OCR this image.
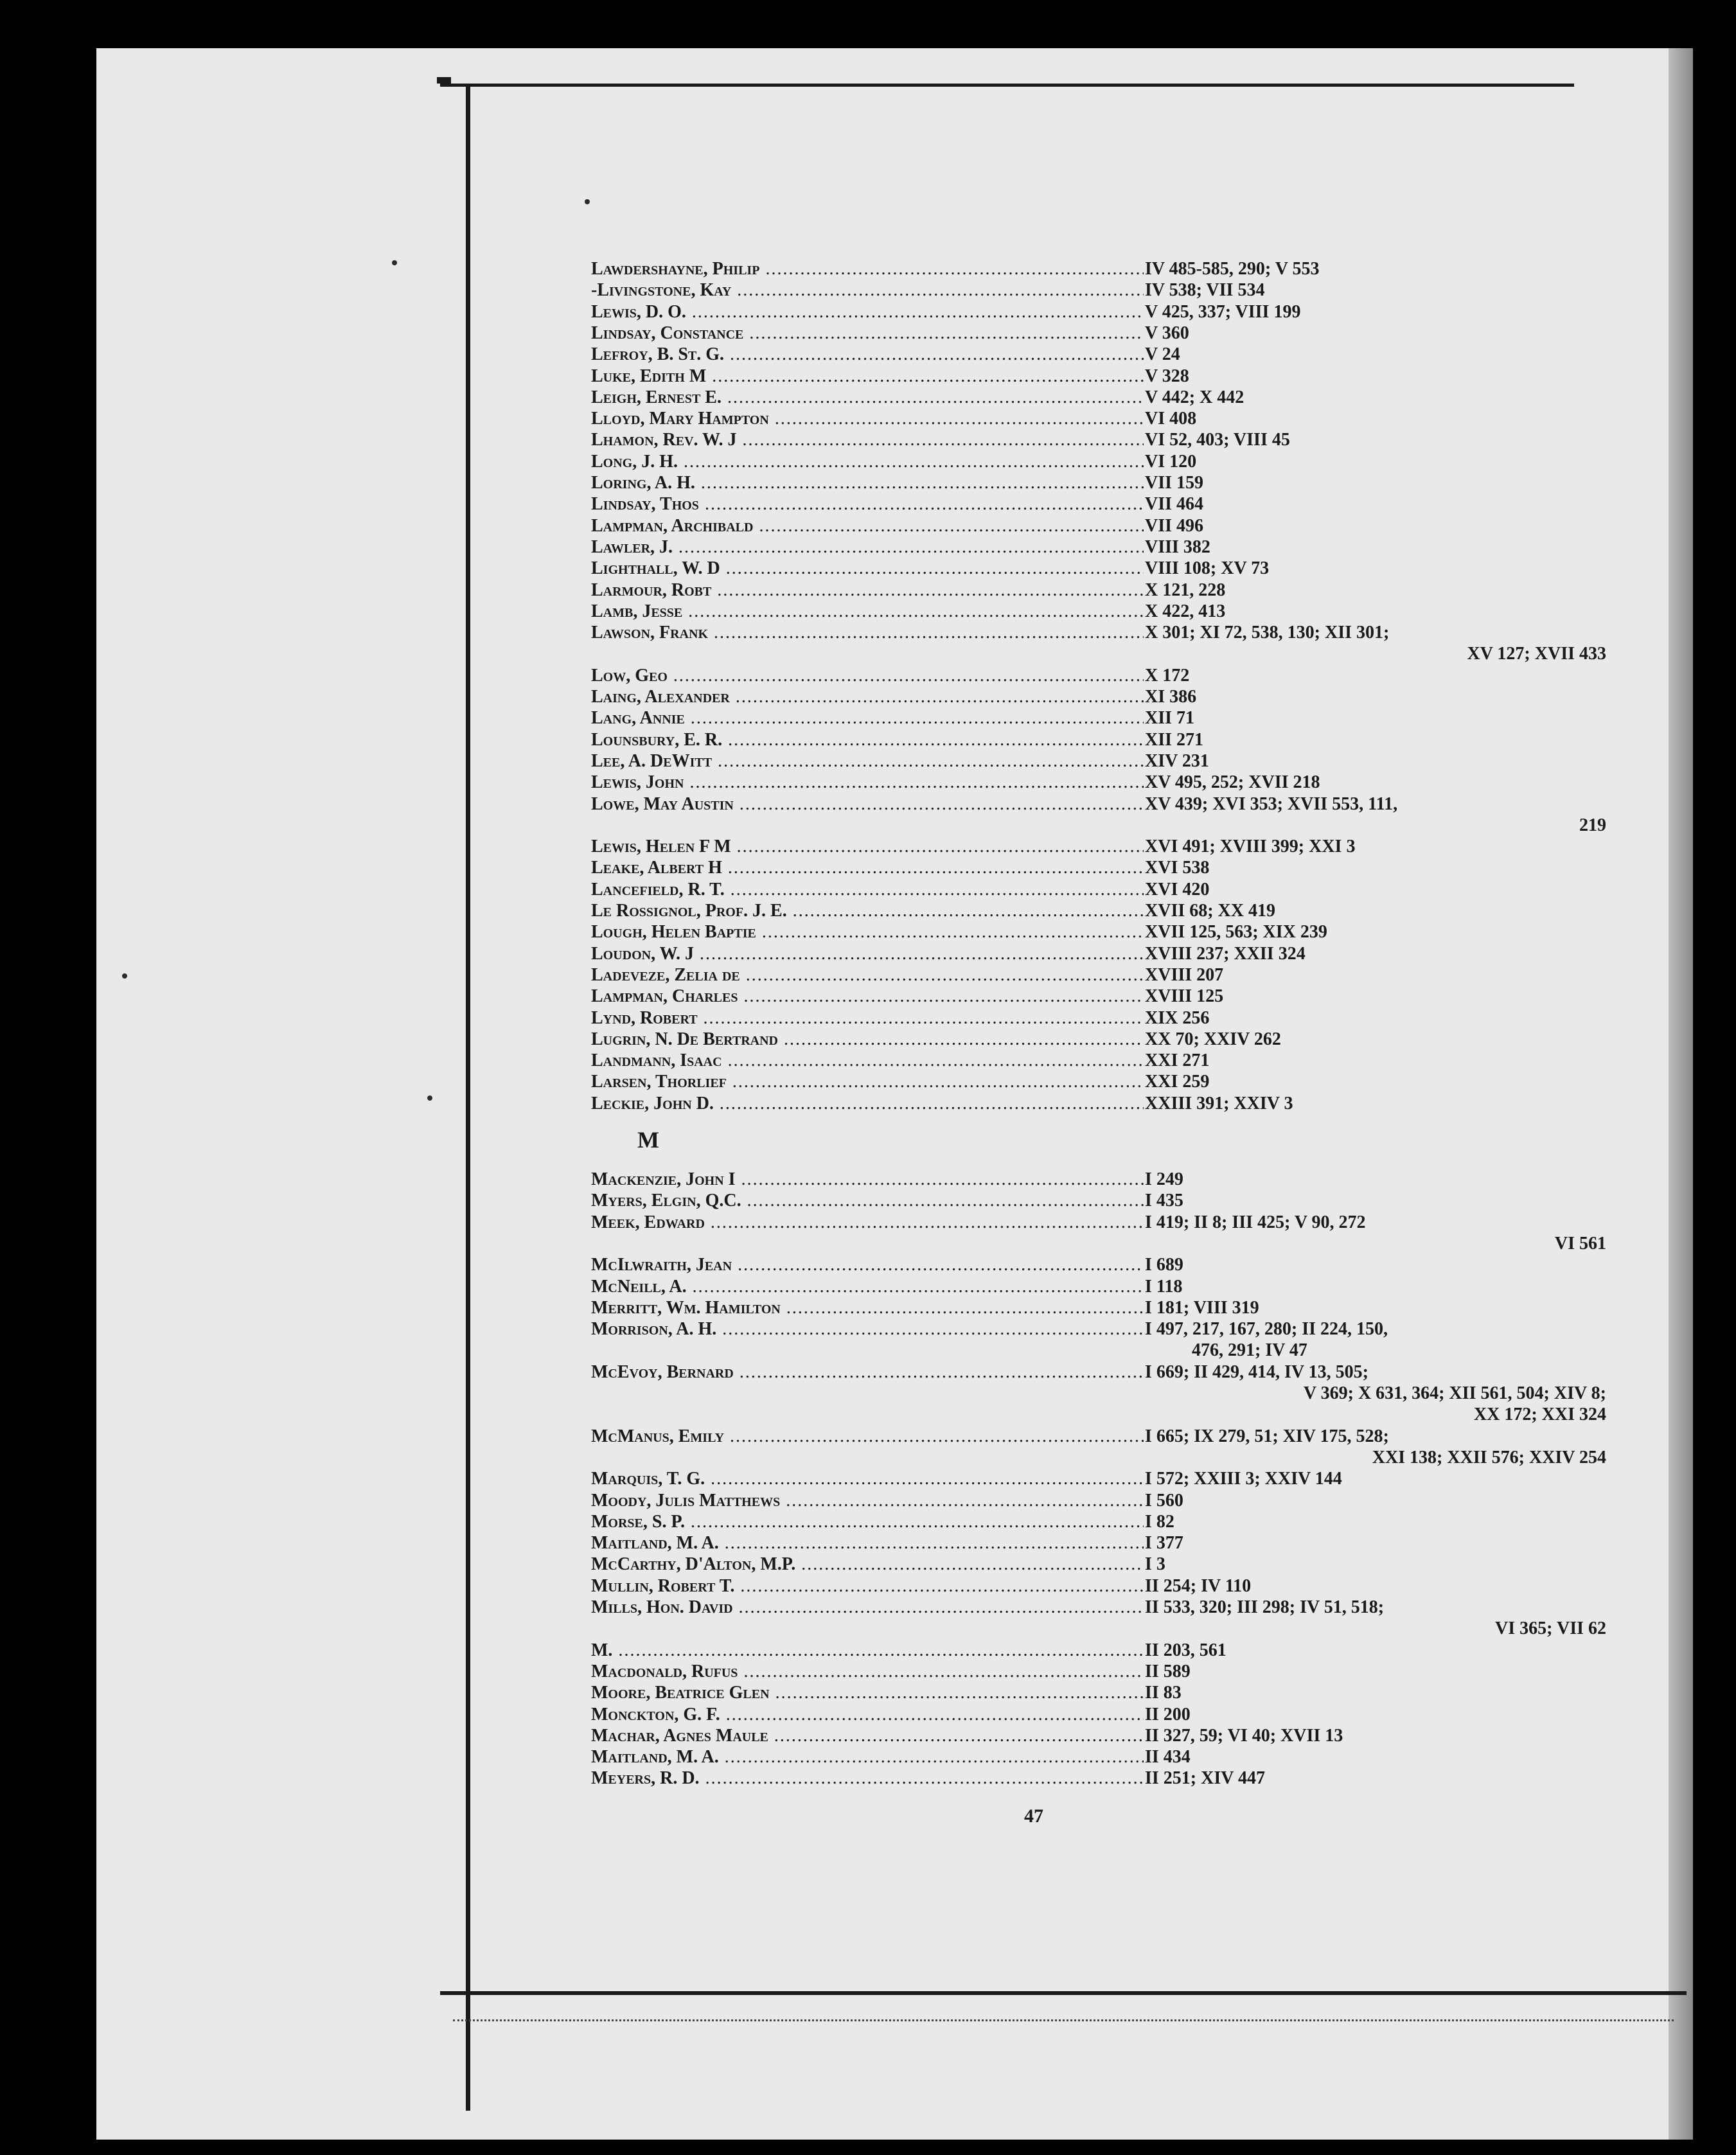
Lawdershayne, Philip .....	IV 485-585, 290; V 553
-Livingstone, Kay .....	IV 538; VII 534
Lewis, D. O. .....	V 425, 337; VIII 199
Lindsay, Constance .....	V 360
Lefroy, B. St. G. .....	V 24
Luke, Edith M .....	V 328
Leigh, Ernest E. .....	V 442; X 442
Lloyd, Mary Hampton .....	VI 408
Lhamon, Rev. W. J .....	VI 52, 403; VIII 45
Long, J. H. .....	VI 120
Loring, A. H. .....	VII 159
Lindsay, Thos .....	VII 464
Lampman, Archibald .....	VII 496
Lawler, J. .....	VIII 382
Lighthall, W. D .....	VIII 108; XV 73
Larmour, Robt .....	X 121, 228
Lamb, Jesse .....	X 422, 413
Lawson, Frank .....	X 301; XI 72, 538, 130; XII 301;
XV 127; XVII 433
Low, Geo .....	X 172
Laing, Alexander .....	XI 386
Lang, Annie .....	XII 71
Lounsbury, E. R. .....	XII 271
Lee, A. DeWitt .....	XIV 231
Lewis, John .....	XV 495, 252; XVII 218
Lowe, May Austin .....	XV 439; XVI 353; XVII 553, 111,
219
Lewis, Helen F M .....	XVI 491; XVIII 399; XXI 3
Leake, Albert H .....	XVI 538
Lancefield, R. T. .....	XVI 420
Le Rossignol, Prof. J. E. .....	XVII 68; XX 419
Lough, Helen Baptie .....	XVII 125, 563; XIX 239
Loudon, W. J .....	XVIII 237; XXII 324
Ladeveze, Zelia de .....	XVIII 207
Lampman, Charles .....	XVIII 125
Lynd, Robert .....	XIX 256
Lugrin, N. De Bertrand .....	XX 70; XXIV 262
Landmann, Isaac .....	XXI 271
Larsen, Thorlief .....	XXI 259
Leckie, John D. .....	XXIII 391; XXIV 3
Mackenzie, John I .....	I 249
Myers, Elgin, Q.C. .....	I 435
Meek, Edward .....	I 419; II 8; III 425; V 90, 272
VI 561
McIlwraith, Jean .....	I 689
McNeill, A. .....	I 118
Merritt, Wm. Hamilton .....	I 181; VIII 319
Morrison, A. H. .....	I 497, 217, 167, 280; II 224, 150,
476, 291; IV 47
McEvoy, Bernard .....	I 669; II 429, 414, IV 13, 505;
V 369; X 631, 364; XII 561, 504; XIV 8;
XX 172; XXI 324
McManus, Emily .....	I 665; IX 279, 51; XIV 175, 528;
XXI 138; XXII 576; XXIV 254
Marquis, T. G. .....	I 572; XXIII 3; XXIV 144
Moody, Julis Matthews .....	I 560
Morse, S. P. .....	I 82
Maitland, M. A. .....	I 377
McCarthy, D'Alton, M.P. .....	I 3
Mullin, Robert T. .....	II 254; IV 110
Mills, Hon. David .....	II 533, 320; III 298; IV 51, 518;
VI 365; VII 62
M. .....	II 203, 561
Macdonald, Rufus .....	II 589
Moore, Beatrice Glen .....	II 83
Monckton, G. F. .....	II 200
Machar, Agnes Maule .....	II 327, 59; VI 40; XVII 13
Maitland, M. A. .....	II 434
Meyers, R. D. .....	II 251; XIV 447
M
47
